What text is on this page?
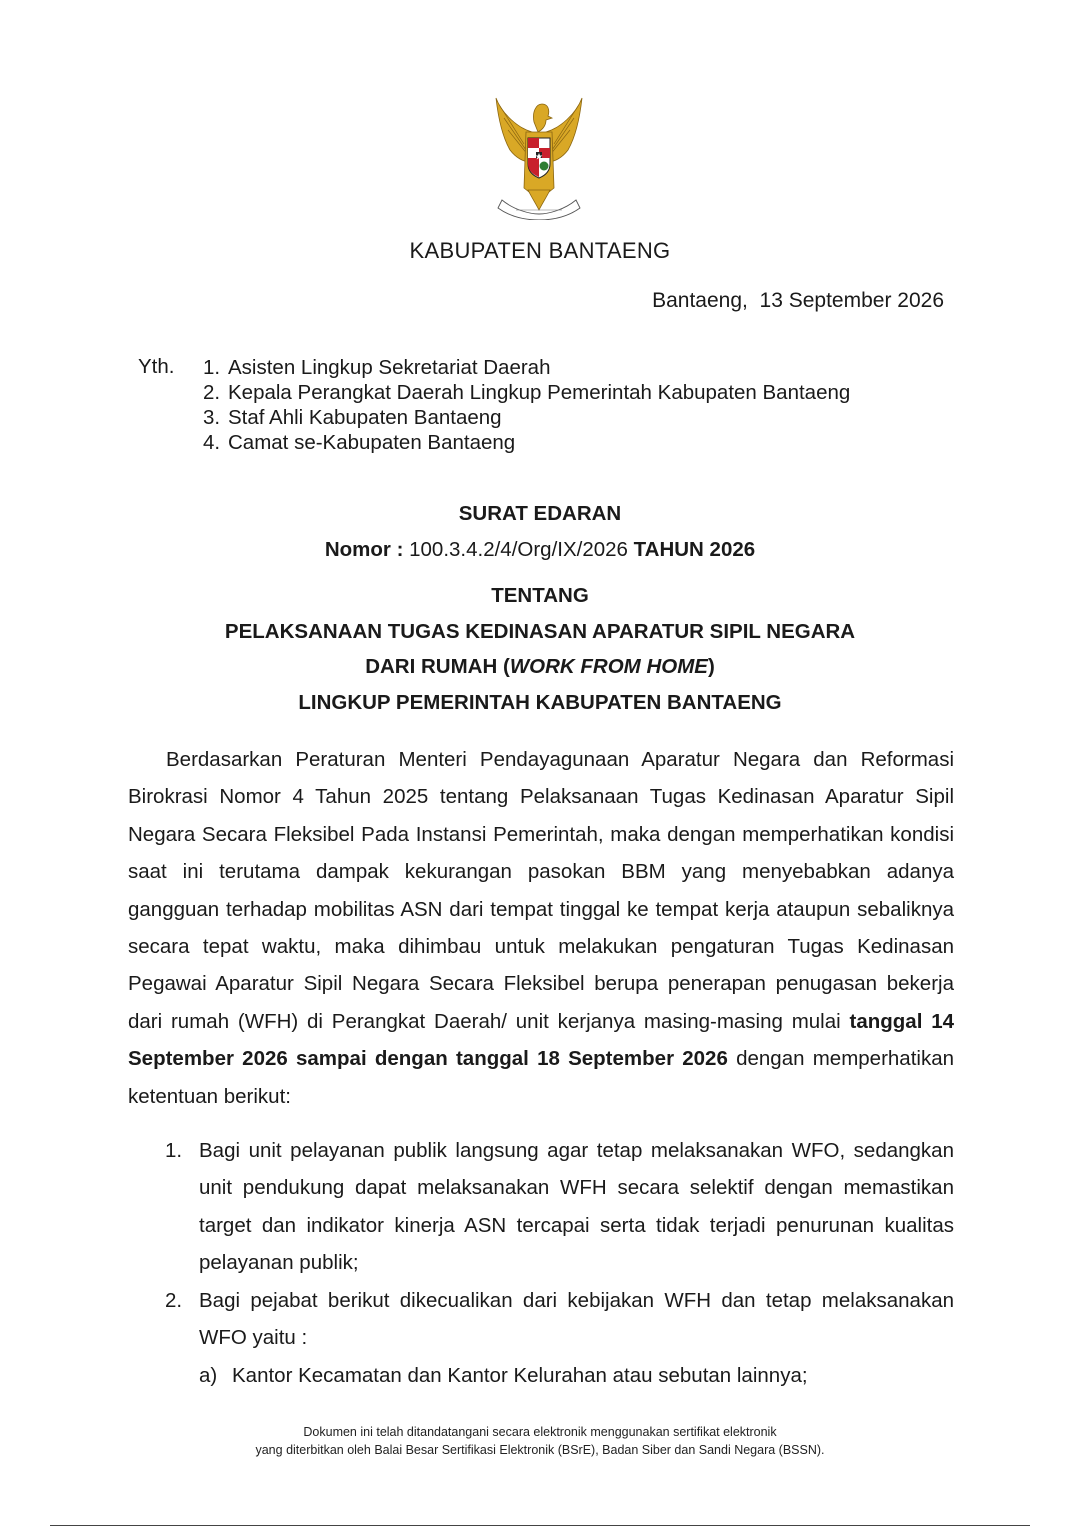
KABUPATEN BANTAENG
Bantaeng,  13 September 2026
Yth. 1. Asisten Lingkup Sekretariat Daerah
2. Kepala Perangkat Daerah Lingkup Pemerintah Kabupaten Bantaeng
3. Staf Ahli Kabupaten Bantaeng
4. Camat se-Kabupaten Bantaeng
SURAT EDARAN
Nomor : 100.3.4.2/4/Org/IX/2026 TAHUN 2026
TENTANG
PELAKSANAAN TUGAS KEDINASAN APARATUR SIPIL NEGARA
DARI RUMAH (WORK FROM HOME)
LINGKUP PEMERINTAH KABUPATEN BANTAENG

Berdasarkan Peraturan Menteri Pendayagunaan Aparatur Negara dan Reformasi Birokrasi Nomor 4 Tahun 2025 tentang Pelaksanaan Tugas Kedinasan Aparatur Sipil Negara Secara Fleksibel Pada Instansi Pemerintah, maka dengan memperhatikan kondisi saat ini terutama dampak kekurangan pasokan BBM yang menyebabkan adanya gangguan terhadap mobilitas ASN dari tempat tinggal ke tempat kerja ataupun sebaliknya secara tepat waktu, maka dihimbau untuk melakukan pengaturan Tugas Kedinasan Pegawai Aparatur Sipil Negara Secara Fleksibel berupa penerapan penugasan bekerja dari rumah (WFH) di Perangkat Daerah/ unit kerjanya masing-masing mulai tanggal 14 September 2026 sampai dengan tanggal 18 September 2026 dengan memperhatikan ketentuan berikut:

1. Bagi unit pelayanan publik langsung agar tetap melaksanakan WFO, sedangkan unit pendukung dapat melaksanakan WFH secara selektif dengan memastikan target dan indikator kinerja ASN tercapai serta tidak terjadi penurunan kualitas pelayanan publik;
2. Bagi pejabat berikut dikecualikan dari kebijakan WFH dan tetap melaksanakan WFO yaitu :
a) Kantor Kecamatan dan Kantor Kelurahan atau sebutan lainnya;
Dokumen ini telah ditandatangani secara elektronik menggunakan sertifikat elektronik
yang diterbitkan oleh Balai Besar Sertifikasi Elektronik (BSrE), Badan Siber dan Sandi Negara (BSSN).
